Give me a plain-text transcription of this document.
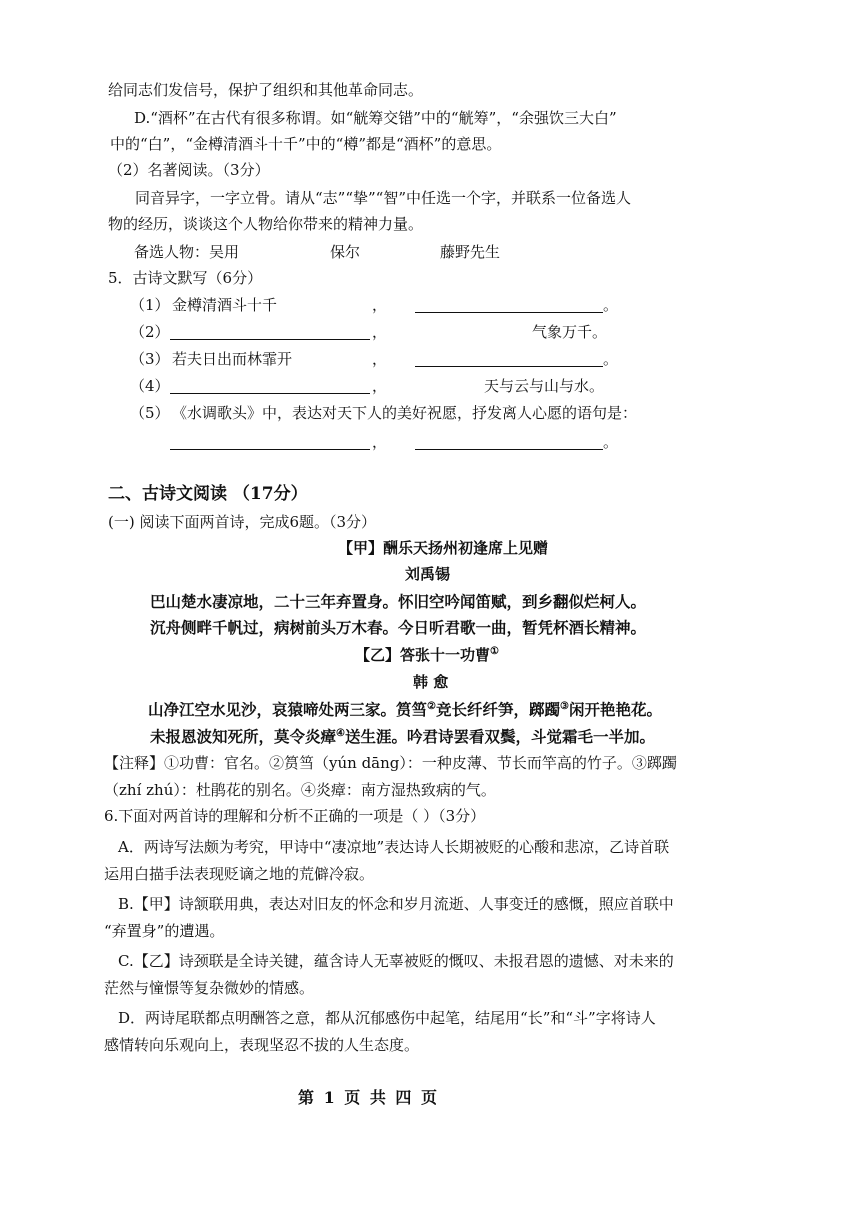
给同志们发信号，保护了组织和其他革命同志。
D.“酒杯”在古代有很多称谓。如“觥筹交错”中的“觥筹”，“余强饮三大白”
中的“白”，“金樽清酒斗十千”中的“樽”都是“酒杯”的意思。
（2）名著阅读。（3分）
同音异字，一字立骨。请从“志”“挚”“智”中任选一个字，并联系一位备选人
物的经历，谈谈这个人物给你带来的精神力量。
备选人物：吴用	保尔	藤野先生
5．古诗文默写（6分）
（1） 金樽清酒斗十千	，	。
（2）	，	气象万千。
（3） 若夫日出而林霏开	，	。
（4）	，	天与云与山与水。
（5） 《水调歌头》中，表达对天下人的美好祝愿，抒发离人心愿的语句是：
，	。
二、古诗文阅读 （17分）
(一) 阅读下面两首诗，完成6题。（3分）
【甲】酬乐天扬州初逢席上见赠
刘禹锡
巴山楚水凄凉地，二十三年弃置身。怀旧空吟闻笛赋，到乡翻似烂柯人。
沉舟侧畔千帆过，病树前头万木春。今日听君歌一曲，暂凭杯酒长精神。
【乙】答张十一功曹①
韩 愈
山净江空水见沙，哀猿啼处两三家。筼筜②竞长纤纤笋，踯躅③闲开艳艳花。
未报恩波知死所，莫令炎瘴④送生涯。吟君诗罢看双鬓，斗觉霜毛一半加。
【注释】①功曹：官名。②筼筜（yún dāng）：一种皮薄、节长而竿高的竹子。③踯躅
（zhí zhú）：杜鹃花的别名。④炎瘴：南方湿热致病的气。
6.下面对两首诗的理解和分析不正确的一项是（ ）（3分）
A．两诗写法颇为考究，甲诗中“凄凉地”表达诗人长期被贬的心酸和悲凉，乙诗首联
运用白描手法表现贬谪之地的荒僻冷寂。
B.【甲】诗颔联用典，表达对旧友的怀念和岁月流逝、人事变迁的感慨，照应首联中
“弃置身”的遭遇。
C.【乙】诗颈联是全诗关键，蕴含诗人无辜被贬的慨叹、未报君恩的遗憾、对未来的
茫然与憧憬等复杂微妙的情感。
D．两诗尾联都点明酬答之意，都从沉郁感伤中起笔，结尾用“长”和“斗”字将诗人
感情转向乐观向上，表现坚忍不拔的人生态度。
第 1 页 共 四 页
